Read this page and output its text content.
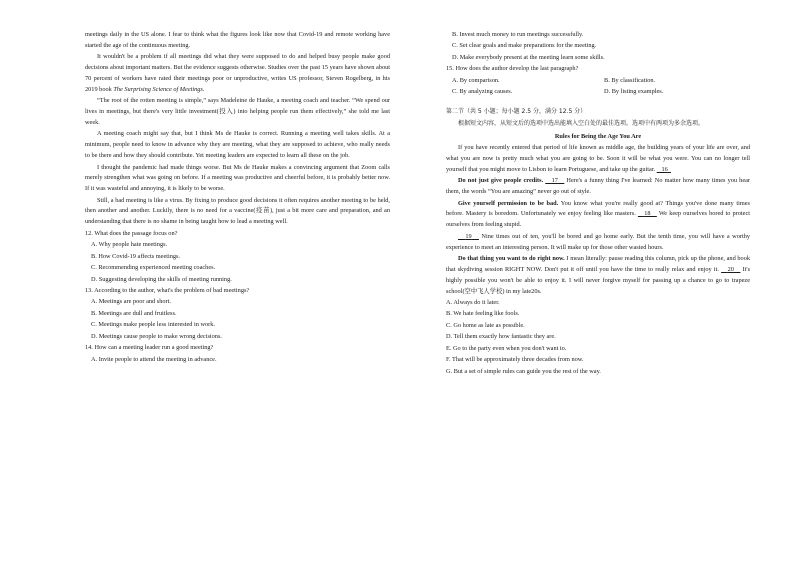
meetings daily in the US alone. I fear to think what the figures look like now that Covid-19 and remote working have started the age of the continuous meeting.

It wouldn't be a problem if all meetings did what they were supposed to do and helped busy people make good decisions about important matters. But the evidence suggests otherwise. Studies over the past 15 years have shown about 70 percent of workers have rated their meetings poor or unproductive, writes US professor, Steven Rogelberg, in his 2019 book The Surprising Science of Meetings.

“The root of the rotten meeting is simple,” says Madeleine de Hauke, a meeting coach and teacher. “We spend our lives in meetings, but there's very little investment(投入) into helping people run them effectively,” she told me last week.

A meeting coach might say that, but I think Ms de Hauke is correct. Running a meeting well takes skills. At a minimum, people need to know in advance why they are meeting, what they are supposed to achieve, who really needs to be there and how they should contribute. Yet meeting leaders are expected to learn all these on the job.

I thought the pandemic had made things worse. But Ms de Hauke makes a convincing argument that Zoom calls merely strengthen what was going on before. If a meeting was productive and cheerful before, it is probably better now. If it was wasteful and annoying, it is likely to be worse.

Still, a bad meeting is like a virus. By fixing to produce good decisions it often requires another meeting to be held, then another and another. Luckily, there is no need for a vaccine(疫苗), just a bit more care and preparation, and an understanding that there is no shame in being taught how to lead a meeting well.

12. What does the passage focus on?

A. Why people hate meetings.

B. How Covid-19 affects meetings.

C. Recommending experienced meeting coaches.

D. Suggesting developing the skills of meeting running.

13. According to the author, what's the problem of bad meetings?

A. Meetings are poor and short.

B. Meetings are dull and fruitless.

C. Meetings make people less interested in work.

D. Meetings cause people to make wrong decisions.

14. How can a meeting leader run a good meeting?

A. Invite people to attend the meeting in advance.

B. Invest much money to run meetings successfully.

C. Set clear goals and make preparations for the meeting.

D. Make everybody present at the meeting learn some skills.

15. How does the author develop the last paragraph?

A. By comparison.	B. By classification.
C. By analyzing causes.	D. By listing examples.

第二节（共 5 小题；每小题 2.5 分，满分 12.5 分）

根据短文内容，从短文后的选项中选出能填入空白处的最佳选项。选项中有两项为多余选项。

Rules for Being the Age You Are

If you have recently entered that period of life known as middle age, the building years of your life are over, and what you are now is pretty much what you are going to be. Soon it will be what you were. You can no longer tell yourself that you might move to Lisbon to learn Portuguese, and take up the guitar. 16

Do not just give people credits. 17    Here's a funny thing I've learned: No matter how many times you hear them, the words “You are amazing” never go out of style.

Give yourself permission to be bad. You know what you're really good at? Things you've done many times before. Mastery is boredom. Unfortunately we enjoy feeling like masters. 18    We keep ourselves bored to protect ourselves from feeling stupid.

19    Nine times out of ten, you'll be bored and go home early. But the tenth time, you will have a worthy experience to meet an interesting person. It will make up for those other wasted hours.

Do that thing you want to do right now. I mean literally: pause reading this column, pick up the phone, and book that skydiving session RIGHT NOW. Don't put it off until you have the time to really relax and enjoy it. 20    It's highly possible you won't be able to enjoy it. I will never forgive myself for passing up a chance to go to trapeze school(空中飞人学校) in my late20s.

A. Always do it later.

B. We hate feeling like fools.

C. Go home as late as possible.

D. Tell them exactly how fantastic they are.

E. Go to the party even when you don't want to.

F. That will be approximately three decades from now.

G. But a set of simple rules can guide you the rest of the way.
